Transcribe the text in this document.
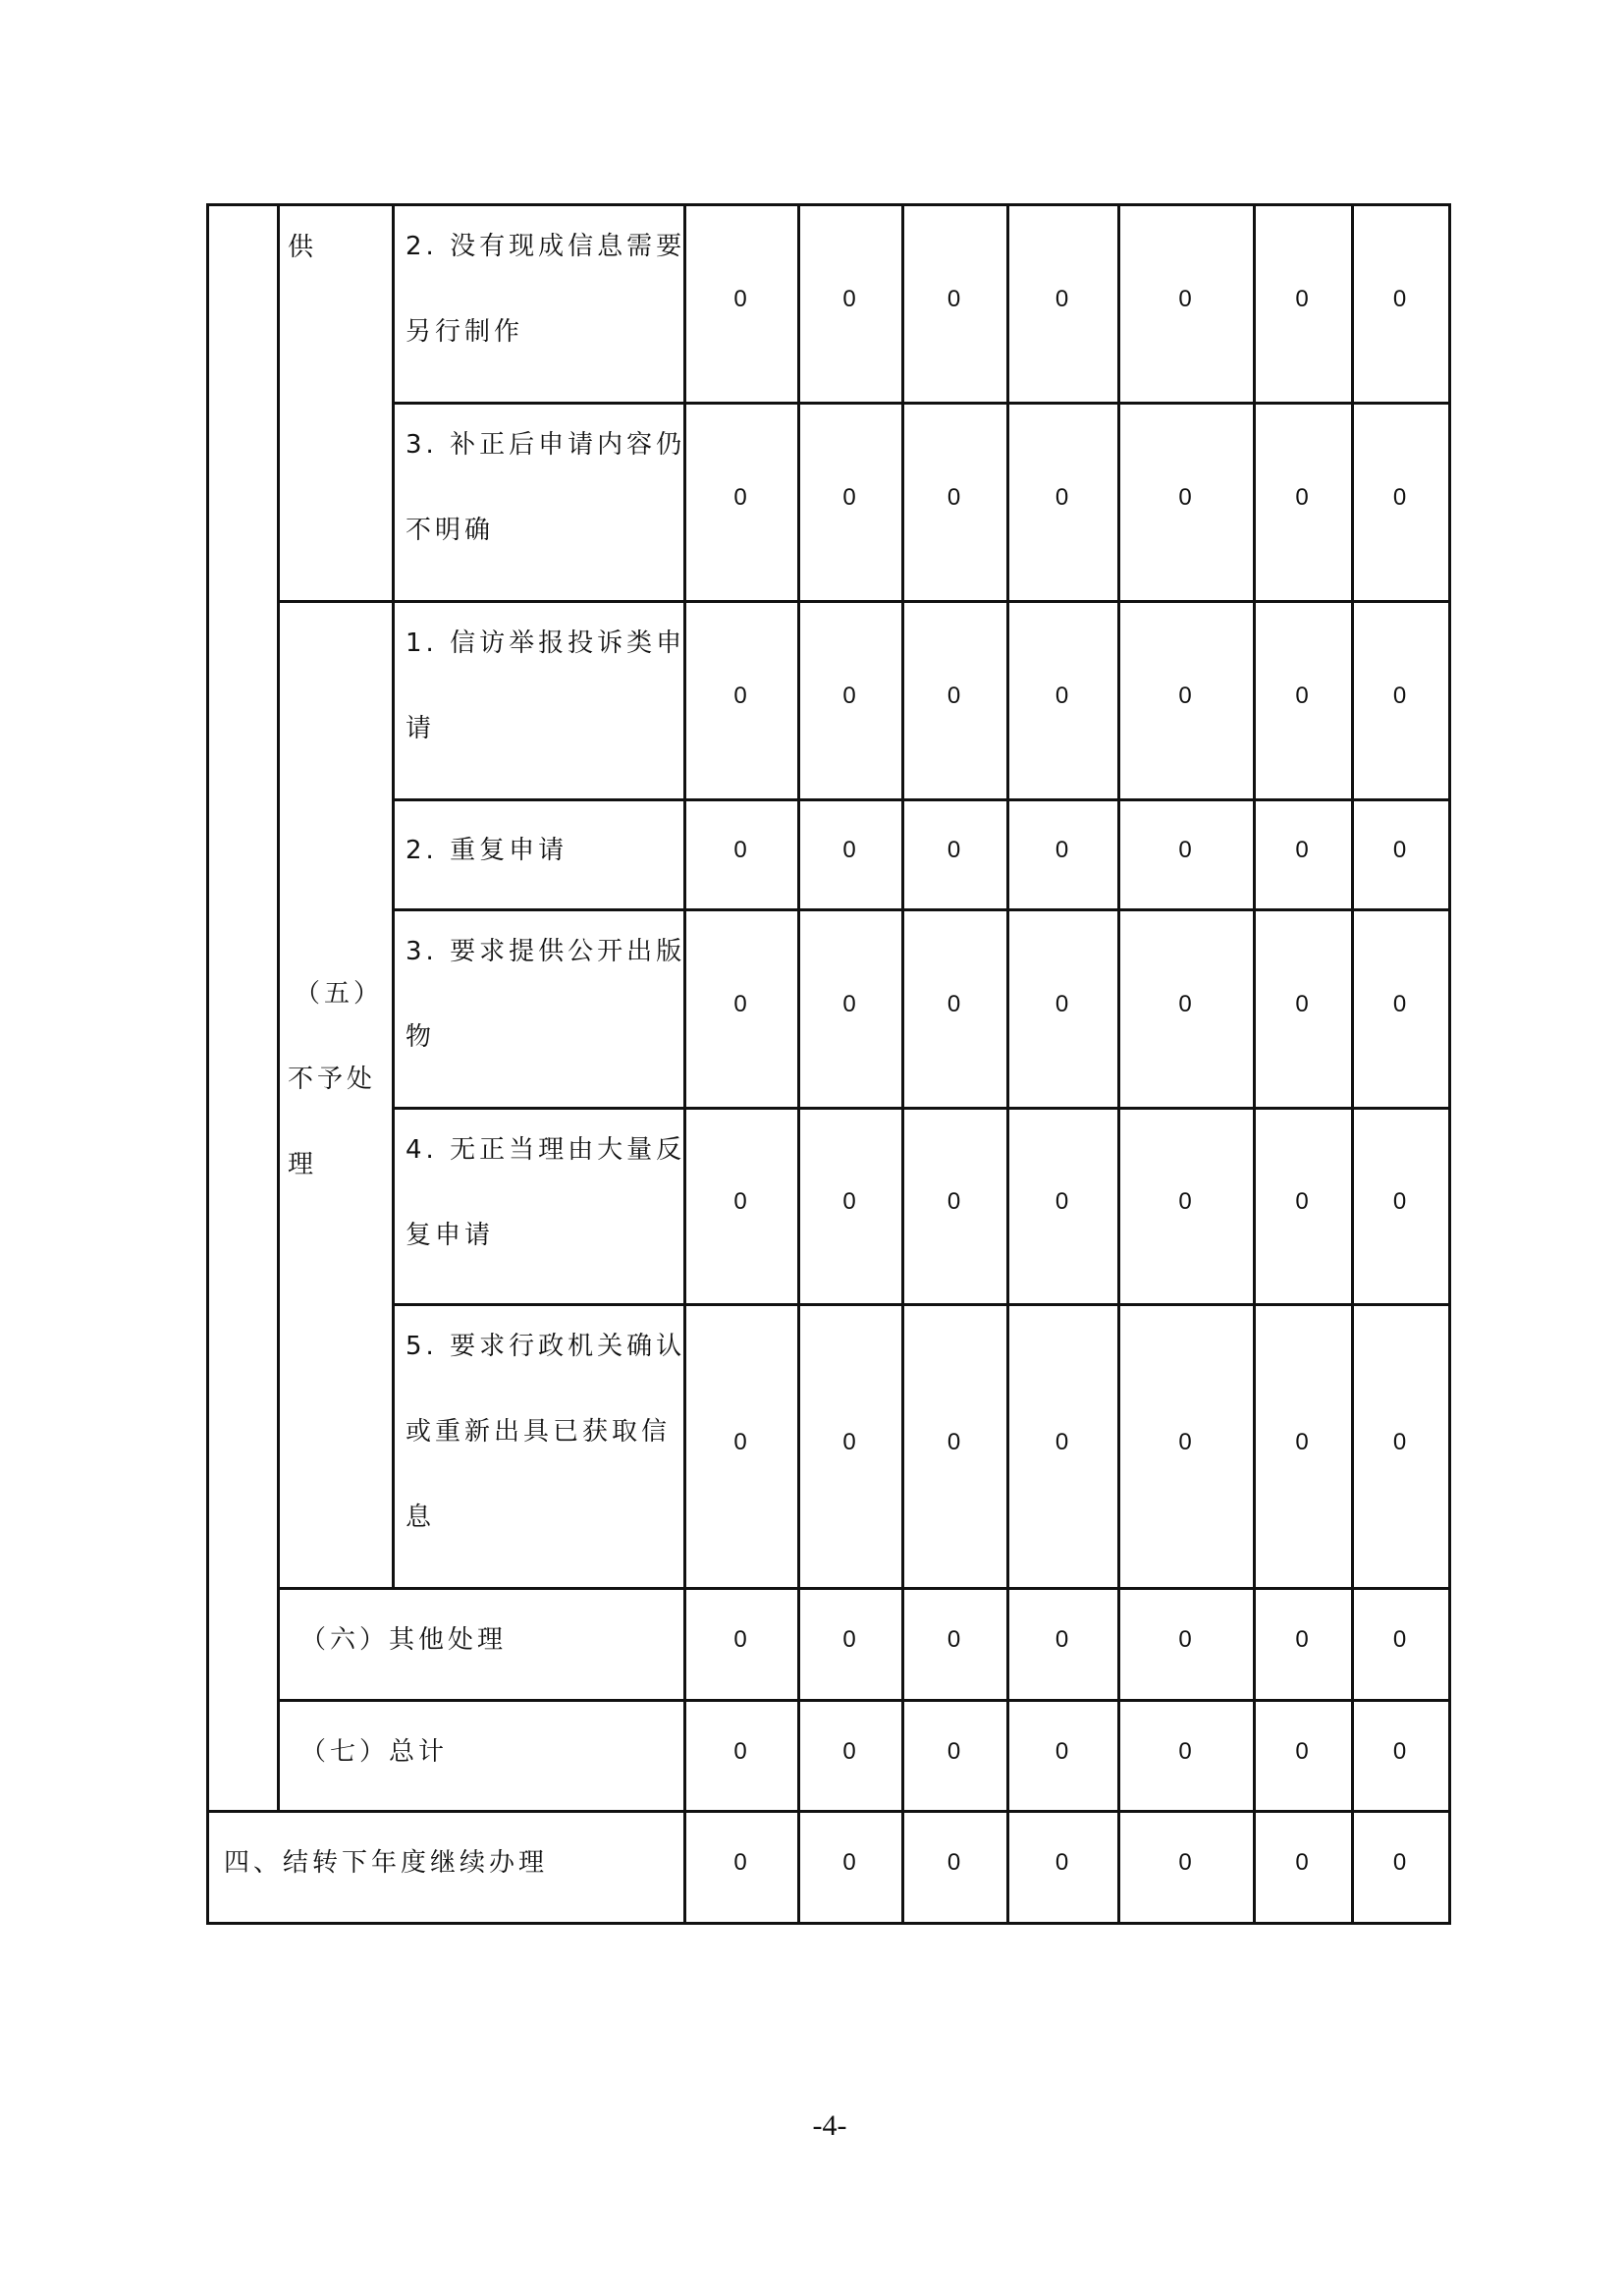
供
（五）
不予处
理
2. 没有现成信息需要
另行制作
0	0	0	0	0	0	0
3. 补正后申请内容仍
不明确
0	0	0	0	0	0	0
1. 信访举报投诉类申
请
0	0	0	0	0	0	0
2. 重复申请	0	0	0	0	0	0	0
3. 要求提供公开出版
物
0	0	0	0	0	0	0
4. 无正当理由大量反
复申请
0	0	0	0	0	0	0
5. 要求行政机关确认
或重新出具已获取信
息
0	0	0	0	0	0	0
（六）其他处理	0	0	0	0	0	0	0
（七）总计	0	0	0	0	0	0	0
四、结转下年度继续办理	0	0	0	0	0	0	0
-4-
